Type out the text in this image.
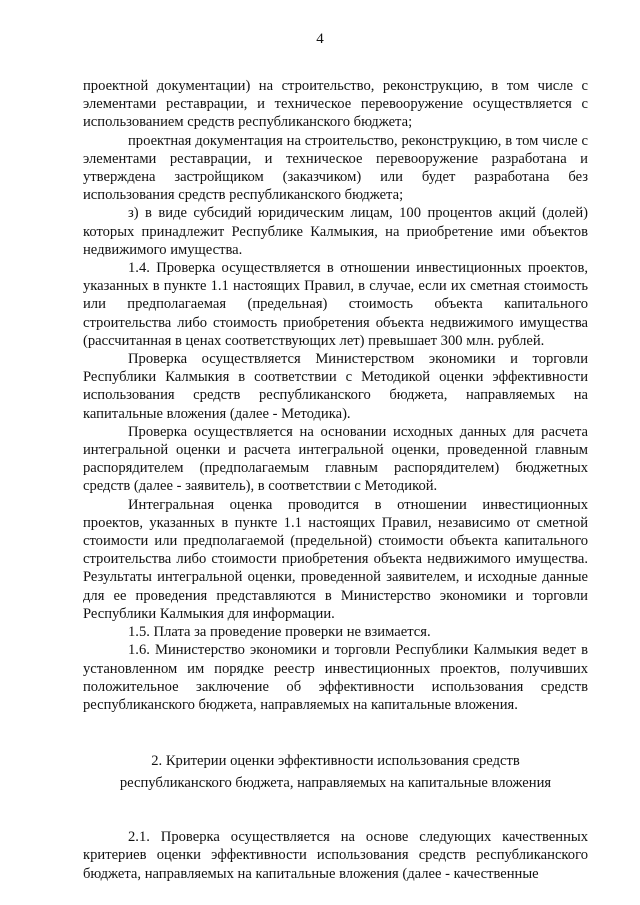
4

проектной документации) на строительство, реконструкцию, в том числе с элементами реставрации, и техническое перевооружение осуществляется с использованием средств республиканского бюджета;

проектная документация на строительство, реконструкцию, в том числе с элементами реставрации, и техническое перевооружение разработана и утверждена застройщиком (заказчиком) или будет разработана без использования средств республиканского бюджета;

з) в виде субсидий юридическим лицам, 100 процентов акций (долей) которых принадлежит Республике Калмыкия, на приобретение ими объектов недвижимого имущества.

1.4. Проверка осуществляется в отношении инвестиционных проектов, указанных в пункте 1.1 настоящих Правил, в случае, если их сметная стоимость или предполагаемая (предельная) стоимость объекта капитального строительства либо стоимость приобретения объекта недвижимого имущества (рассчитанная в ценах соответствующих лет) превышает 300 млн. рублей.

Проверка осуществляется Министерством экономики и торговли Республики Калмыкия в соответствии с Методикой оценки эффективности использования средств республиканского бюджета, направляемых на капитальные вложения (далее - Методика).

Проверка осуществляется на основании исходных данных для расчета интегральной оценки и расчета интегральной оценки, проведенной главным распорядителем (предполагаемым главным распорядителем) бюджетных средств (далее - заявитель), в соответствии с Методикой.

Интегральная оценка проводится в отношении инвестиционных проектов, указанных в пункте 1.1 настоящих Правил, независимо от сметной стоимости или предполагаемой (предельной) стоимости объекта капитального строительства либо стоимости приобретения объекта недвижимого имущества. Результаты интегральной оценки, проведенной заявителем, и исходные данные для ее проведения представляются в Министерство экономики и торговли Республики Калмыкия для информации.

1.5. Плата за проведение проверки не взимается.

1.6. Министерство экономики и торговли Республики Калмыкия ведет в установленном им порядке реестр инвестиционных проектов, получивших положительное заключение об эффективности использования средств республиканского бюджета, направляемых на капитальные вложения.

2. Критерии оценки эффективности использования средств
республиканского бюджета, направляемых на капитальные вложения

2.1. Проверка осуществляется на основе следующих качественных критериев оценки эффективности использования средств республиканского бюджета, направляемых на капитальные вложения (далее - качественные
